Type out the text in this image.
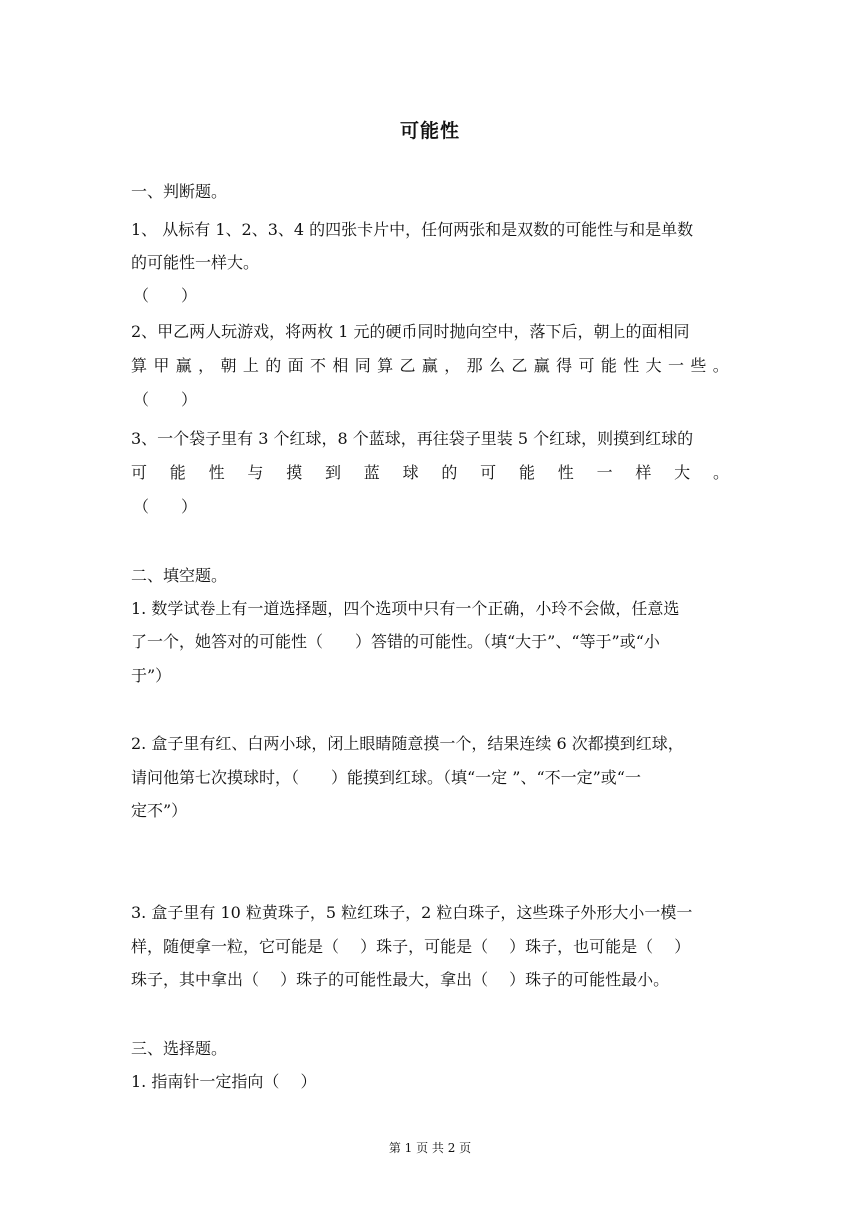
可能性
一、判断题。
1、 从标有 1、2、3、4 的四张卡片中，任何两张和是双数的可能性与和是单数
的可能性一样大。
（　　）
2、甲乙两人玩游戏，将两枚 1 元的硬币同时抛向空中，落下后，朝上的面相同
算 甲 赢 ， 朝 上 的 面 不 相 同 算 乙 赢 ， 那 么 乙 赢 得 可 能 性 大 一 些 。
（　　）
3、一个袋子里有 3 个红球，8 个蓝球，再往袋子里装 5 个红球，则摸到红球的
可 能 性 与 摸 到 蓝 球 的 可 能 性 一 样 大 。
（　　）
二、填空题。
1. 数学试卷上有一道选择题，四个选项中只有一个正确，小玲不会做，任意选
了一个，她答对的可能性（　　）答错的可能性。（填“大于”、“等于”或“小
于”）
2. 盒子里有红、白两小球，闭上眼睛随意摸一个，结果连续 6 次都摸到红球，
请问他第七次摸球时，（　　）能摸到红球。（填“一定 ”、“不一定”或“一
定不”）
3. 盒子里有 10 粒黄珠子，5 粒红珠子，2 粒白珠子，这些珠子外形大小一模一
样，随便拿一粒，它可能是（　 ）珠子，可能是（　 ）珠子，也可能是（　 ）
珠子，其中拿出（　 ）珠子的可能性最大，拿出（　 ）珠子的可能性最小。
三、选择题。
1. 指南针一定指向（　 ）
第 1 页 共 2 页
